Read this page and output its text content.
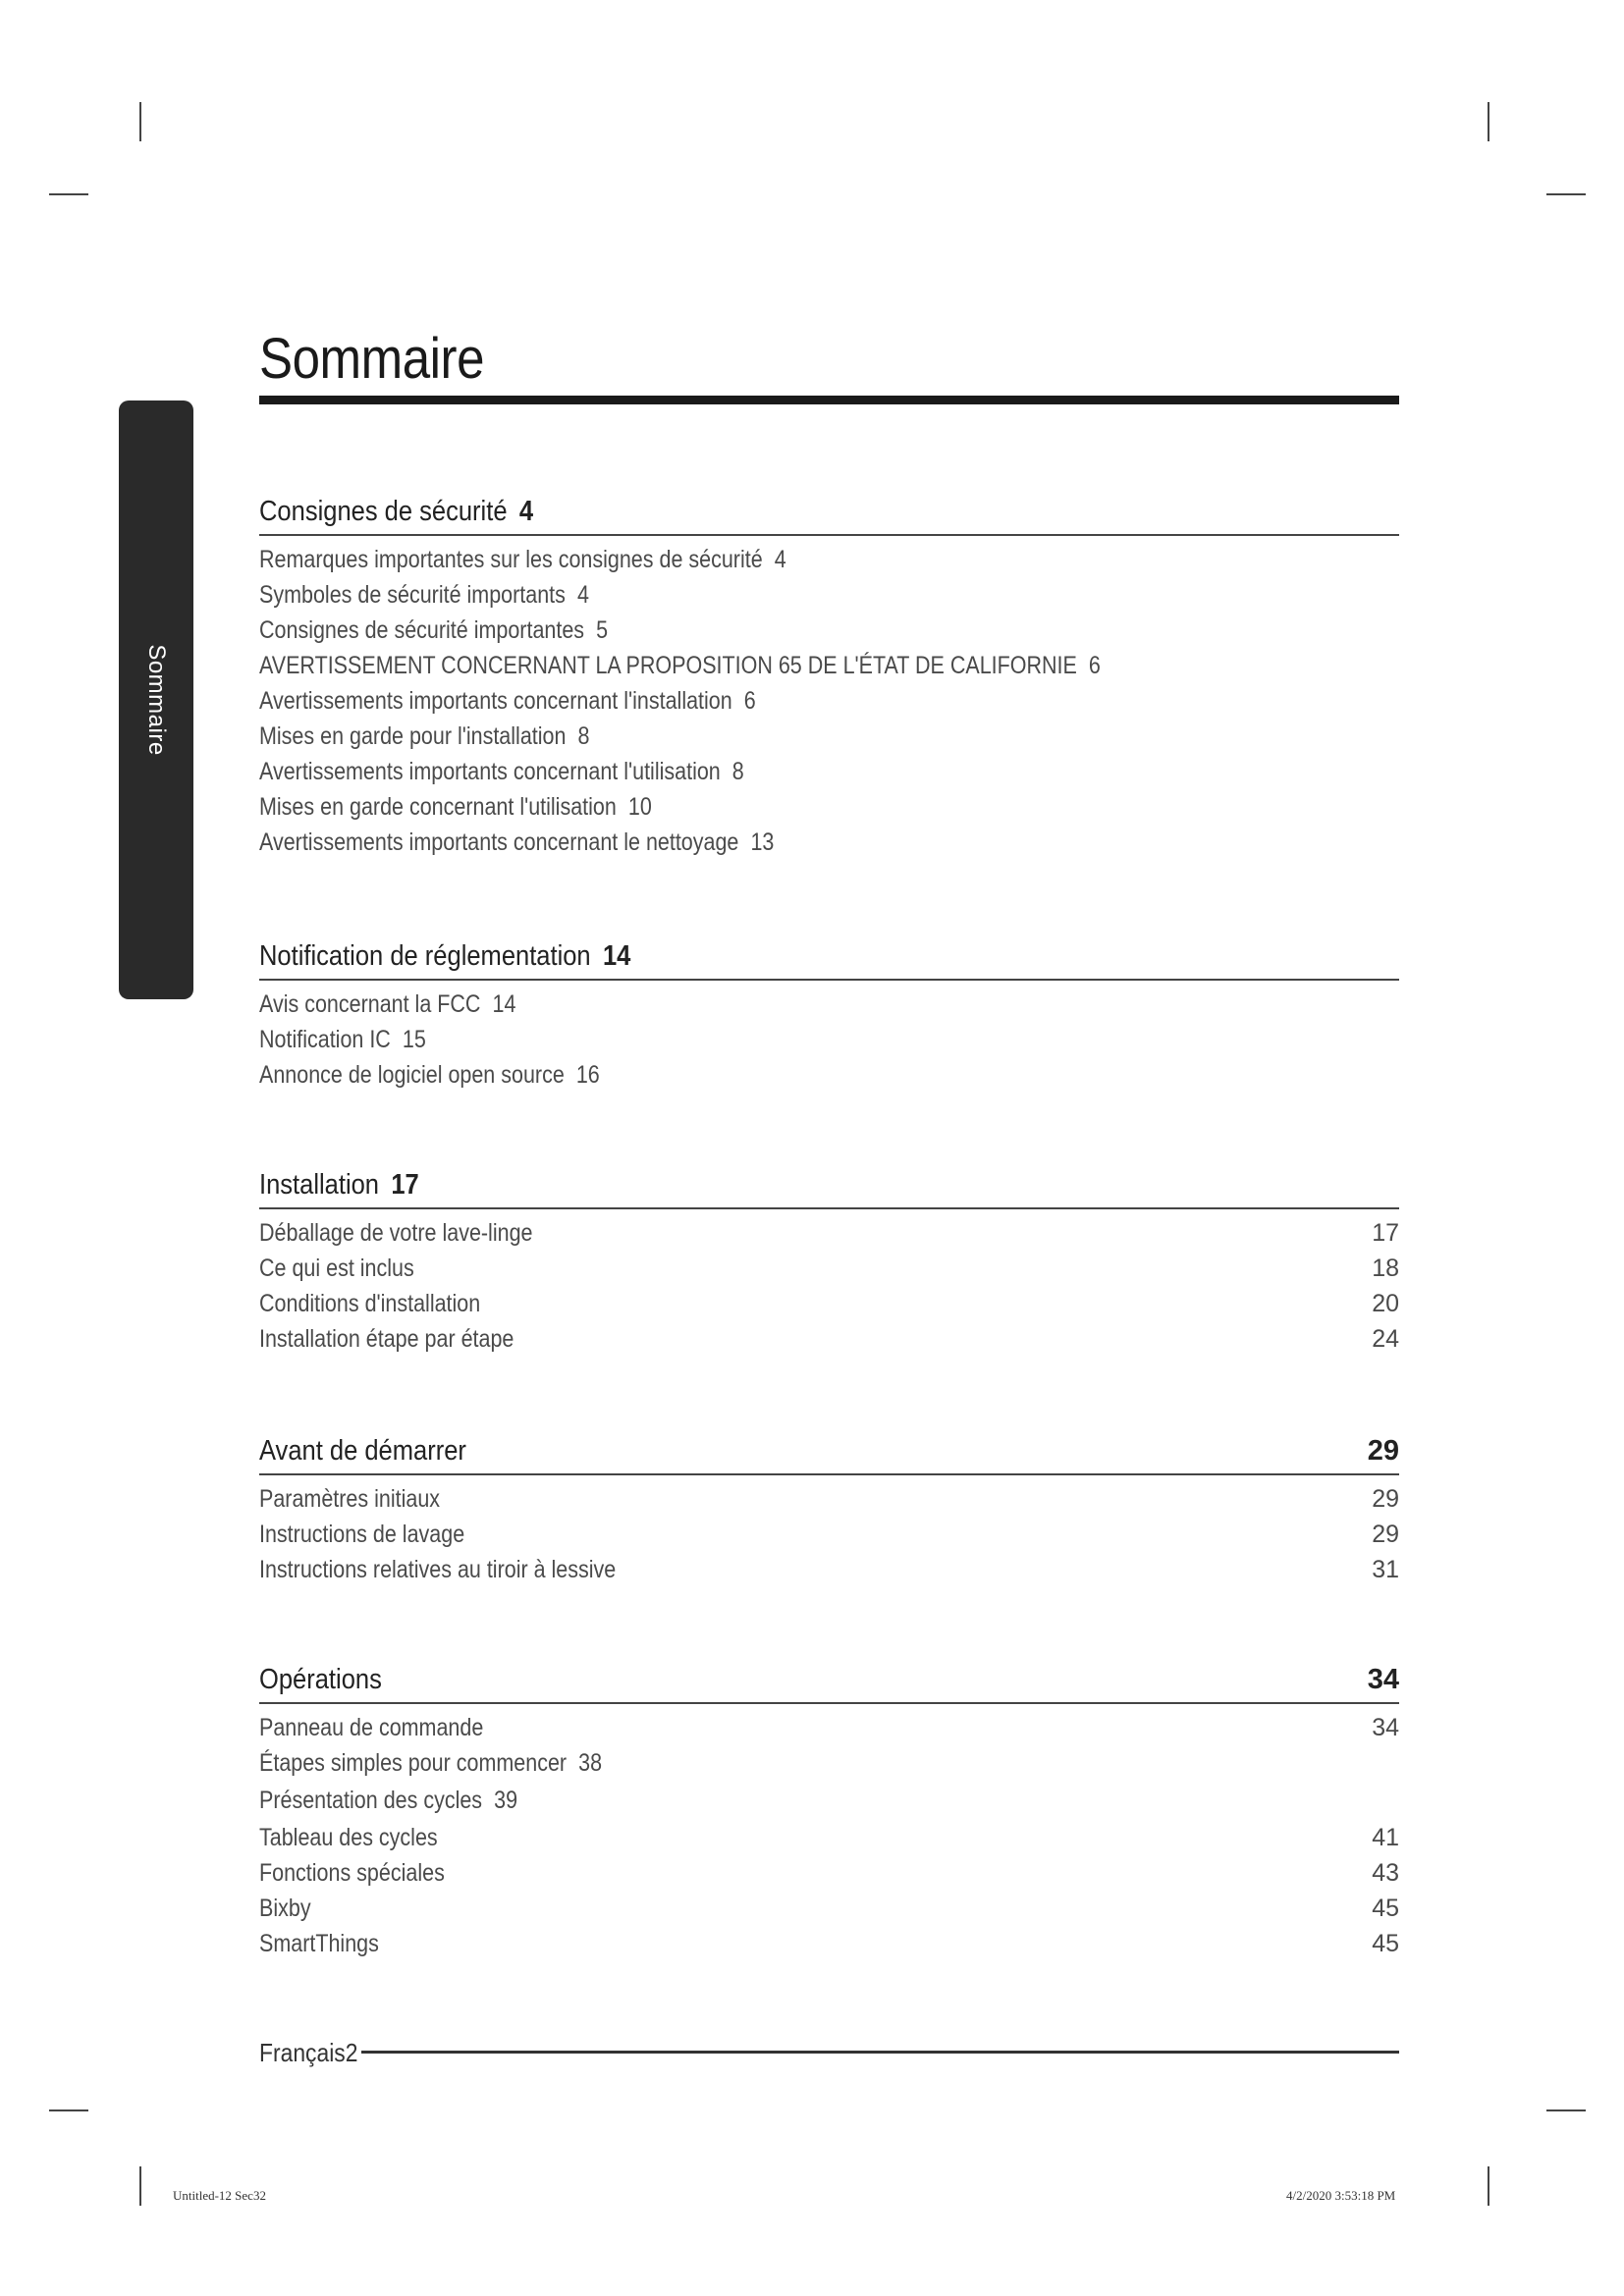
Sommaire
Sommaire
Consignes de sécurité 4
Remarques importantes sur les consignes de sécurité 4
Symboles de sécurité importants 4
Consignes de sécurité importantes 5
AVERTISSEMENT CONCERNANT LA PROPOSITION 65 DE L'ÉTAT DE CALIFORNIE 6
Avertissements importants concernant l'installation 6
Mises en garde pour l'installation 8
Avertissements importants concernant l'utilisation 8
Mises en garde concernant l'utilisation 10
Avertissements importants concernant le nettoyage 13
Notification de réglementation 14
Avis concernant la FCC 14
Notification IC 15
Annonce de logiciel open source 16
Installation 17
Déballage de votre lave-linge	17
Ce qui est inclus	18
Conditions d'installation	20
Installation étape par étape	24
Avant de démarrer	29
Paramètres initiaux	29
Instructions de lavage	29
Instructions relatives au tiroir à lessive	31
Opérations	34
Panneau de commande	34
Étapes simples pour commencer 38
Présentation des cycles 39
Tableau des cycles	41
Fonctions spéciales	43
Bixby	45
SmartThings	45
Français2
Untitled-12 Sec32	4/2/2020 3:53:18 PM
